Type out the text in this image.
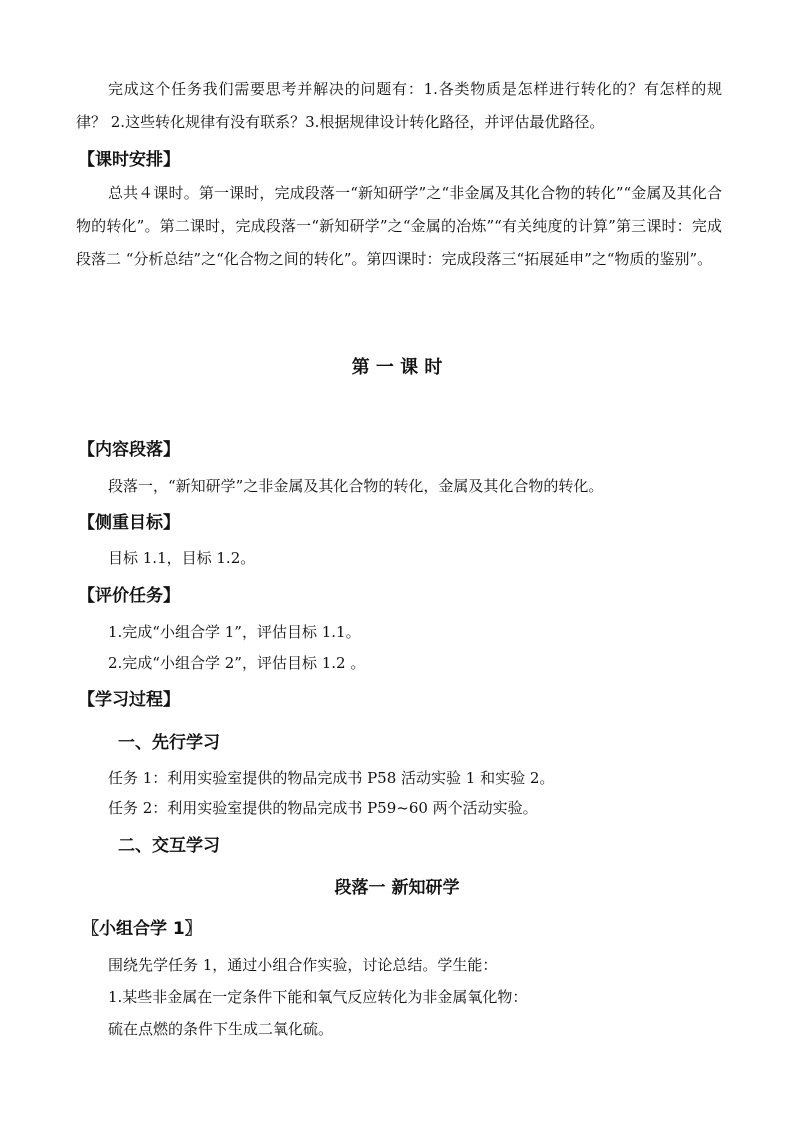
完成这个任务我们需要思考并解决的问题有：1.各类物质是怎样进行转化的？有怎样的规律？ 2.这些转化规律有没有联系？3.根据规律设计转化路径，并评估最优路径。

【课时安排】

总共４课时。第一课时，完成段落一“新知研学”之“非金属及其化合物的转化”“金属及其化合物的转化”。第二课时，完成段落一“新知研学”之“金属的冶炼”“有关纯度的计算”第三课时：完成段落二 “分析总结”之“化合物之间的转化”。第四课时：完成段落三“拓展延申”之“物质的鉴别”。

第 一 课 时
【内容段落】

段落一，“新知研学”之非金属及其化合物的转化，金属及其化合物的转化。

【侧重目标】

目标 1.1，目标 1.2。

【评价任务】

1.完成“小组合学 1”，评估目标 1.1。

2.完成“小组合学 2”，评估目标 1.2 。

【学习过程】
一、先行学习

任务 1：利用实验室提供的物品完成书 P58 活动实验 1 和实验 2。

任务 2：利用实验室提供的物品完成书 P59~60 两个活动实验。

二、交互学习
段落一 新知研学
〖小组合学 1〗

围绕先学任务 1，通过小组合作实验，讨论总结。学生能：

1.某些非金属在一定条件下能和氧气反应转化为非金属氧化物：

硫在点燃的条件下生成二氧化硫。
